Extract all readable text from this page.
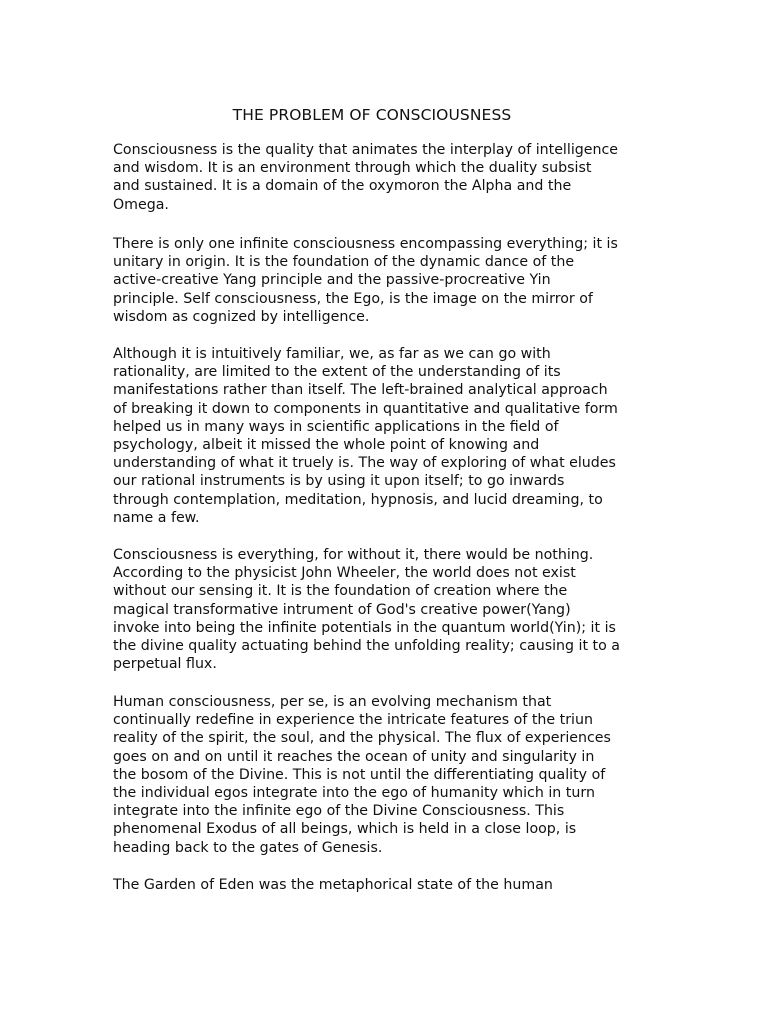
THE PROBLEM OF CONSCIOUSNESS
Consciousness is the quality that animates the interplay of intelligence
and wisdom. It is an environment through which the duality subsist
and sustained. It is a domain of the oxymoron the Alpha and the
Omega.
There is only one infinite consciousness encompassing everything; it is
unitary in origin. It is the foundation of the dynamic dance of the
active-creative Yang principle and the passive-procreative Yin
principle. Self consciousness, the Ego, is the image on the mirror of
wisdom as cognized by intelligence.
Although it is intuitively familiar, we, as far as we can go with
rationality, are limited to the extent of the understanding of its
manifestations rather than itself. The left-brained analytical approach
of breaking it down to components in quantitative and qualitative form
helped us in many ways in scientific applications in the field of
psychology, albeit it missed the whole point of knowing and
understanding of what it truely is. The way of exploring of what eludes
our rational instruments is by using it upon itself; to go inwards
through contemplation, meditation, hypnosis, and lucid dreaming, to
name a few.
Consciousness is everything, for without it, there would be nothing.
According to the physicist John Wheeler, the world does not exist
without our sensing it. It is the foundation of creation where the
magical transformative intrument of God's creative power(Yang)
invoke into being the infinite potentials in the quantum world(Yin); it is
the divine quality actuating behind the unfolding reality; causing it to a
perpetual flux.
Human consciousness, per se, is an evolving mechanism that
continually redefine in experience the intricate features of the triun
reality of the spirit, the soul, and the physical. The flux of experiences
goes on and on until it reaches the ocean of unity and singularity in
the bosom of the Divine. This is not until the differentiating quality of
the individual egos integrate into the ego of humanity which in turn
integrate into the infinite ego of the Divine Consciousness. This
phenomenal Exodus of all beings, which is held in a close loop, is
heading back to the gates of Genesis.
The Garden of Eden was the metaphorical state of the human
